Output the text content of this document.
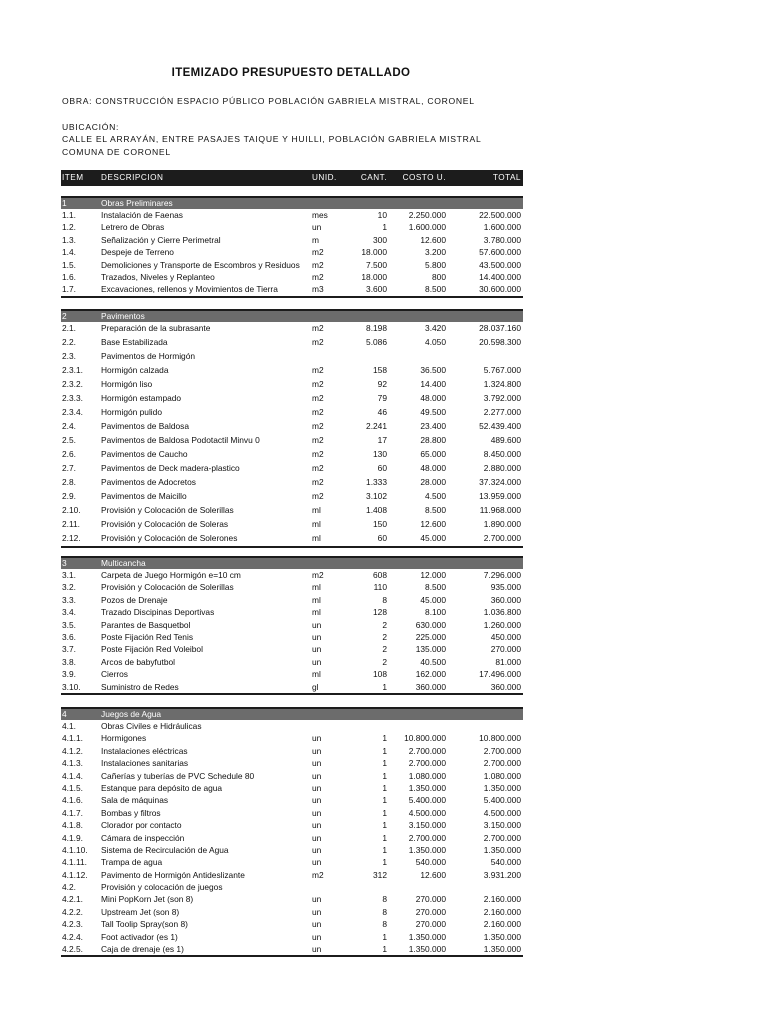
ITEMIZADO PRESUPUESTO DETALLADO
OBRA: CONSTRUCCIÓN ESPACIO PÚBLICO POBLACIÓN GABRIELA MISTRAL, CORONEL
UBICACIÓN:
CALLE EL ARRAYÁN, ENTRE PASAJES TAIQUE Y HUILLI, POBLACIÓN GABRIELA MISTRAL
COMUNA DE CORONEL
ITEM	DESCRIPCION	UNID.	CANT.	COSTO U.	TOTAL
1	Obras Preliminares
1.1.	Instalación de Faenas	mes	10	2.250.000	22.500.000
1.2.	Letrero de Obras	un	1	1.600.000	1.600.000
1.3.	Señalización y Cierre Perimetral	m	300	12.600	3.780.000
1.4.	Despeje de Terreno	m2	18.000	3.200	57.600.000
1.5.	Demoliciones y Transporte de Escombros y Residuos	m2	7.500	5.800	43.500.000
1.6.	Trazados, Niveles y Replanteo	m2	18.000	800	14.400.000
1.7.	Excavaciones, rellenos y Movimientos de Tierra	m3	3.600	8.500	30.600.000
2	Pavimentos
2.1.	Preparación de la subrasante	m2	8.198	3.420	28.037.160
2.2.	Base Estabilizada	m2	5.086	4.050	20.598.300
2.3.	Pavimentos de Hormigón
2.3.1.	Hormigón calzada	m2	158	36.500	5.767.000
2.3.2.	Hormigón liso	m2	92	14.400	1.324.800
2.3.3.	Hormigón estampado	m2	79	48.000	3.792.000
2.3.4.	Hormigón pulido	m2	46	49.500	2.277.000
2.4.	Pavimentos de Baldosa	m2	2.241	23.400	52.439.400
2.5.	Pavimentos de Baldosa Podotactil Minvu 0	m2	17	28.800	489.600
2.6.	Pavimentos de Caucho	m2	130	65.000	8.450.000
2.7.	Pavimentos de Deck madera-plastico	m2	60	48.000	2.880.000
2.8.	Pavimentos de Adocretos	m2	1.333	28.000	37.324.000
2.9.	Pavimentos de Maicillo	m2	3.102	4.500	13.959.000
2.10.	Provisión y Colocación de Solerillas	ml	1.408	8.500	11.968.000
2.11.	Provisión y Colocación de Soleras	ml	150	12.600	1.890.000
2.12.	Provisión y Colocación de Solerones	ml	60	45.000	2.700.000
3	Multicancha
3.1.	Carpeta de Juego Hormigón e=10 cm	m2	608	12.000	7.296.000
3.2.	Provisión y Colocación de Solerillas	ml	110	8.500	935.000
3.3.	Pozos de Drenaje	ml	8	45.000	360.000
3.4.	Trazado Discipinas Deportivas	ml	128	8.100	1.036.800
3.5.	Parantes de Basquetbol	un	2	630.000	1.260.000
3.6.	Poste Fijación Red Tenis	un	2	225.000	450.000
3.7.	Poste Fijación Red Voleibol	un	2	135.000	270.000
3.8.	Arcos de babyfutbol	un	2	40.500	81.000
3.9.	Cierros	ml	108	162.000	17.496.000
3.10.	Suministro de Redes	gl	1	360.000	360.000
4	Juegos de Agua
4.1.	Obras Civiles e Hidráulicas
4.1.1.	Hormigones	un	1	10.800.000	10.800.000
4.1.2.	Instalaciones eléctricas	un	1	2.700.000	2.700.000
4.1.3.	Instalaciones sanitarias	un	1	2.700.000	2.700.000
4.1.4.	Cañerías y tuberías de PVC Schedule 80	un	1	1.080.000	1.080.000
4.1.5.	Estanque para depósito de agua	un	1	1.350.000	1.350.000
4.1.6.	Sala de máquinas	un	1	5.400.000	5.400.000
4.1.7.	Bombas y filtros	un	1	4.500.000	4.500.000
4.1.8.	Clorador por contacto	un	1	3.150.000	3.150.000
4.1.9.	Cámara de inspección	un	1	2.700.000	2.700.000
4.1.10.	Sistema de Recirculación de Agua	un	1	1.350.000	1.350.000
4.1.11.	Trampa de agua	un	1	540.000	540.000
4.1.12.	Pavimento de Hormigón Antideslizante	m2	312	12.600	3.931.200
4.2.	Provisión y colocación de juegos
4.2.1.	Mini PopKorn Jet (son 8)	un	8	270.000	2.160.000
4.2.2.	Upstream Jet (son 8)	un	8	270.000	2.160.000
4.2.3.	Tall Toolip Spray(son 8)	un	8	270.000	2.160.000
4.2.4.	Foot activador (es 1)	un	1	1.350.000	1.350.000
4.2.5.	Caja de drenaje (es 1)	un	1	1.350.000	1.350.000
